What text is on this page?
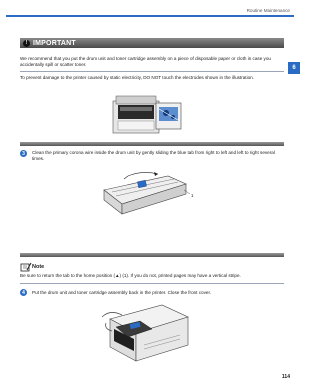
Routine Maintenance
6
! IMPORTANT
We recommend that you put the drum unit and toner cartridge assembly on a piece of disposable paper or cloth in case you accidentally spill or scatter toner.
To prevent damage to the printer caused by static electricity, DO NOT touch the electrodes shown in the illustration.
3	Clean the primary corona wire inside the drum unit by gently sliding the blue tab from right to left and left to right several times.
1
Note
Be sure to return the tab to the home position (▲) (1). If you do not, printed pages may have a vertical stripe.
4	Put the drum unit and toner cartridge assembly back in the printer. Close the front cover.
114
